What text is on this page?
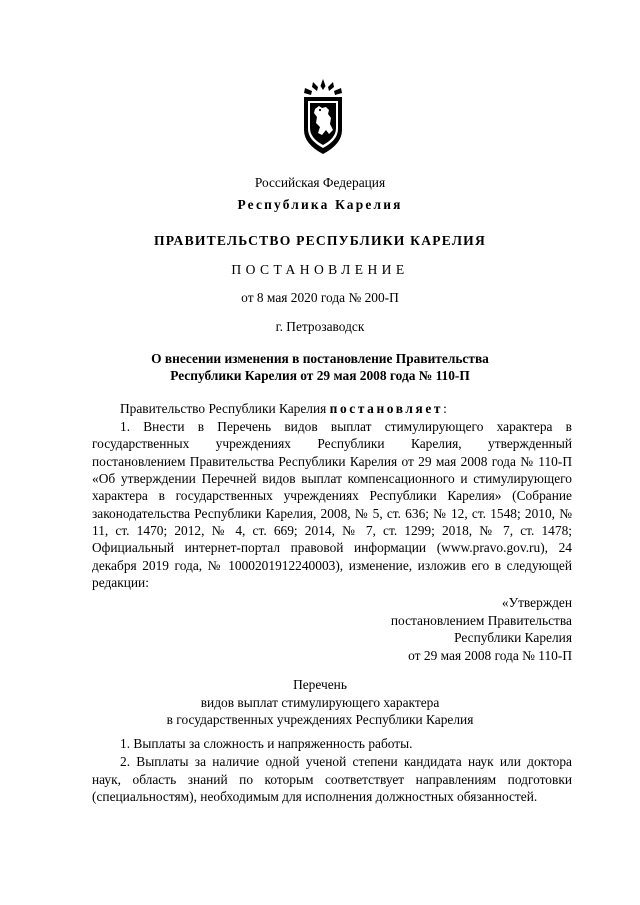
Российская Федерация
Республика Карелия
ПРАВИТЕЛЬСТВО РЕСПУБЛИКИ КАРЕЛИЯ
ПОСТАНОВЛЕНИЕ
от 8 мая 2020 года № 200-П
г. Петрозаводск
О внесении изменения в постановление Правительства
Республики Карелия от 29 мая 2008 года № 110-П
Правительство Республики Карелия постановляет:
1. Внести в Перечень видов выплат стимулирующего характера в государственных учреждениях Республики Карелия, утвержденный постановлением Правительства Республики Карелия от 29 мая 2008 года № 110-П «Об утверждении Перечней видов выплат компенсационного и стимулирующего характера в государственных учреждениях Республики Карелия» (Собрание законодательства Республики Карелия, 2008, № 5, ст. 636; № 12, ст. 1548; 2010, № 11, ст. 1470; 2012, № 4, ст. 669; 2014, № 7, ст. 1299; 2018, № 7, ст. 1478; Официальный интернет-портал правовой информации (www.pravo.gov.ru), 24 декабря 2019 года, № 1000201912240003), изменение, изложив его в следующей редакции:
«Утвержден
постановлением Правительства
Республики Карелия
от 29 мая 2008 года № 110-П
Перечень
видов выплат стимулирующего характера
в государственных учреждениях Республики Карелия
1. Выплаты за сложность и напряженность работы.
2. Выплаты за наличие одной ученой степени кандидата наук или доктора наук, область знаний по которым соответствует направлениям подготовки (специальностям), необходимым для исполнения должностных обязанностей.
